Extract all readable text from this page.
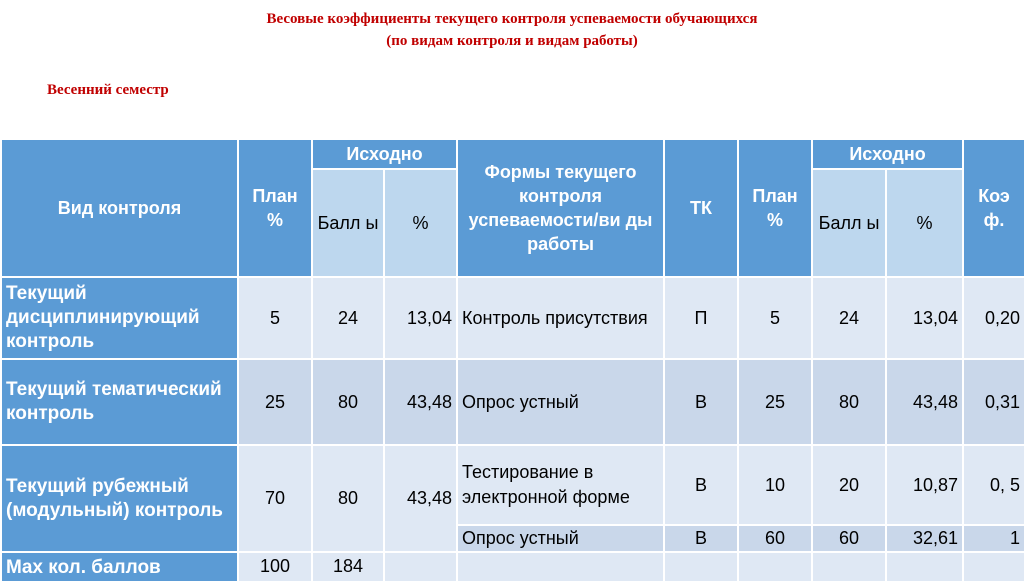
Весовые коэффициенты текущего контроля успеваемости обучающихся
(по видам контроля и видам работы)
Весенний семестр
Вид контроля	План %	Исходно		Формы текущего контроля успеваемости/ви ды работы	ТК	План %	Исходно		Коэ ф.
		Балл ы	%				Балл ы	%	
Текущий дисциплинирующий контроль	5	24	13,04	Контроль присутствия	П	5	24	13,04	0,20
Текущий тематический контроль	25	80	43,48	Опрос устный	В	25	80	43,48	0,31
Текущий рубежный (модульный) контроль	70	80	43,48	Тестирование в электронной форме	В	10	20	10,87	0, 5
				Опрос устный	В	60	60	32,61	1
Max кол. баллов	100	184							
